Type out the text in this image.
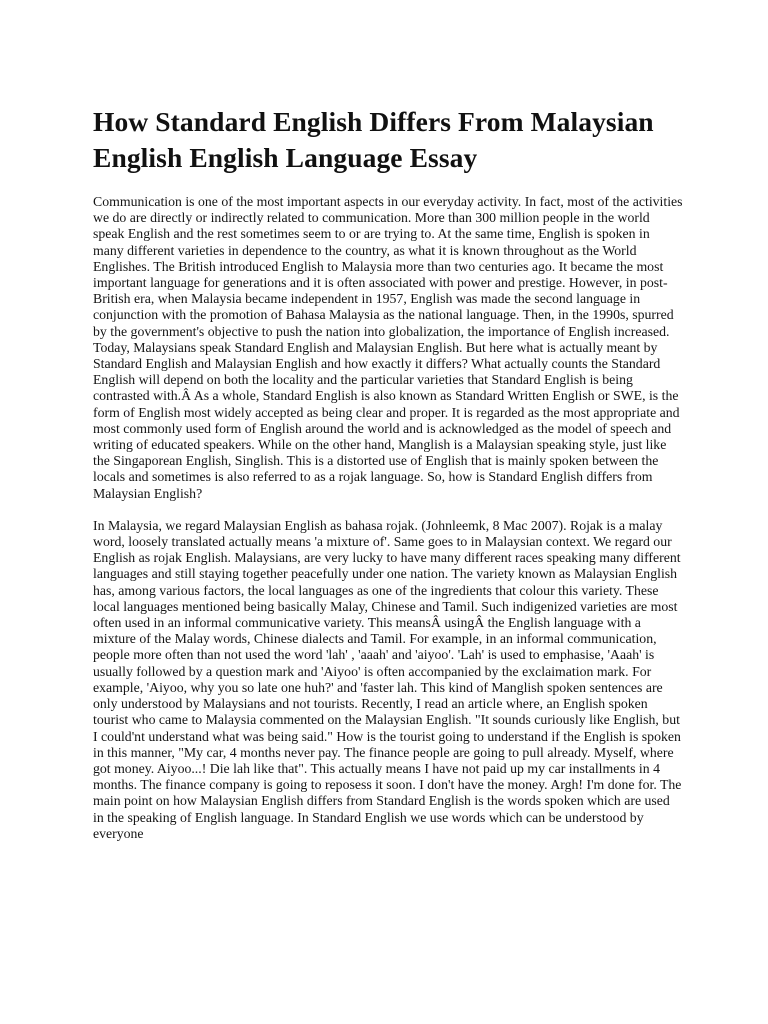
How Standard English Differs From Malaysian English English Language Essay

Communication is one of the most important aspects in our everyday activity. In fact, most of the activities we do are directly or indirectly related to communication. More than 300 million people in the world speak English and the rest sometimes seem to or are trying to. At the same time, English is spoken in many different varieties in dependence to the country, as what it is known throughout as the World Englishes. The British introduced English to Malaysia more than two centuries ago. It became the most important language for generations and it is often associated with power and prestige. However, in post-British era, when Malaysia became independent in 1957, English was made the second language in conjunction with the promotion of Bahasa Malaysia as the national language. Then, in the 1990s, spurred by the government's objective to push the nation into globalization, the importance of English increased. Today, Malaysians speak Standard English and Malaysian English. But here what is actually meant by Standard English and Malaysian English and how exactly it differs? What actually counts the Standard English will depend on both the locality and the particular varieties that Standard English is being contrasted with.Â As a whole, Standard English is also known as Standard Written English or SWE, is the form of English most widely accepted as being clear and proper. It is regarded as the most appropriate and most commonly used form of English around the world and is acknowledged as the model of speech and writing of educated speakers. While on the other hand, Manglish is a Malaysian speaking style, just like the Singaporean English, Singlish. This is a distorted use of English that is mainly spoken between the locals and sometimes is also referred to as a rojak language. So, how is Standard English differs from Malaysian English?

In Malaysia, we regard Malaysian English as bahasa rojak. (Johnleemk, 8 Mac 2007). Rojak is a malay word, loosely translated actually means 'a mixture of'. Same goes to in Malaysian context. We regard our English as rojak English. Malaysians, are very lucky to have many different races speaking many different languages and still staying together peacefully under one nation. The variety known as Malaysian English has, among various factors, the local languages as one of the ingredients that colour this variety. These local languages mentioned being basically Malay, Chinese and Tamil. Such indigenized varieties are most often used in an informal communicative variety. This meansÂ usingÂ the English language with a mixture of the Malay words, Chinese dialects and Tamil. For example, in an informal communication, people more often than not used the word 'lah' , 'aaah' and 'aiyoo'. 'Lah' is used to emphasise, 'Aaah' is usually followed by a question mark and 'Aiyoo' is often accompanied by the exclaimation mark. For example, 'Aiyoo, why you so late one huh?' and 'faster lah. This kind of Manglish spoken sentences are only understood by Malaysians and not tourists. Recently, I read an article where, an English spoken tourist who came to Malaysia commented on the Malaysian English. "It sounds curiously like English, but I could'nt understand what was being said." How is the tourist going to understand if the English is spoken in this manner, "My car, 4 months never pay. The finance people are going to pull already. Myself, where got money. Aiyoo...! Die lah like that". This actually means I have not paid up my car installments in 4 months. The finance company is going to reposess it soon. I don't have the money. Argh! I'm done for. The main point on how Malaysian English differs from Standard English is the words spoken which are used in the speaking of English language. In Standard English we use words which can be understood by everyone
